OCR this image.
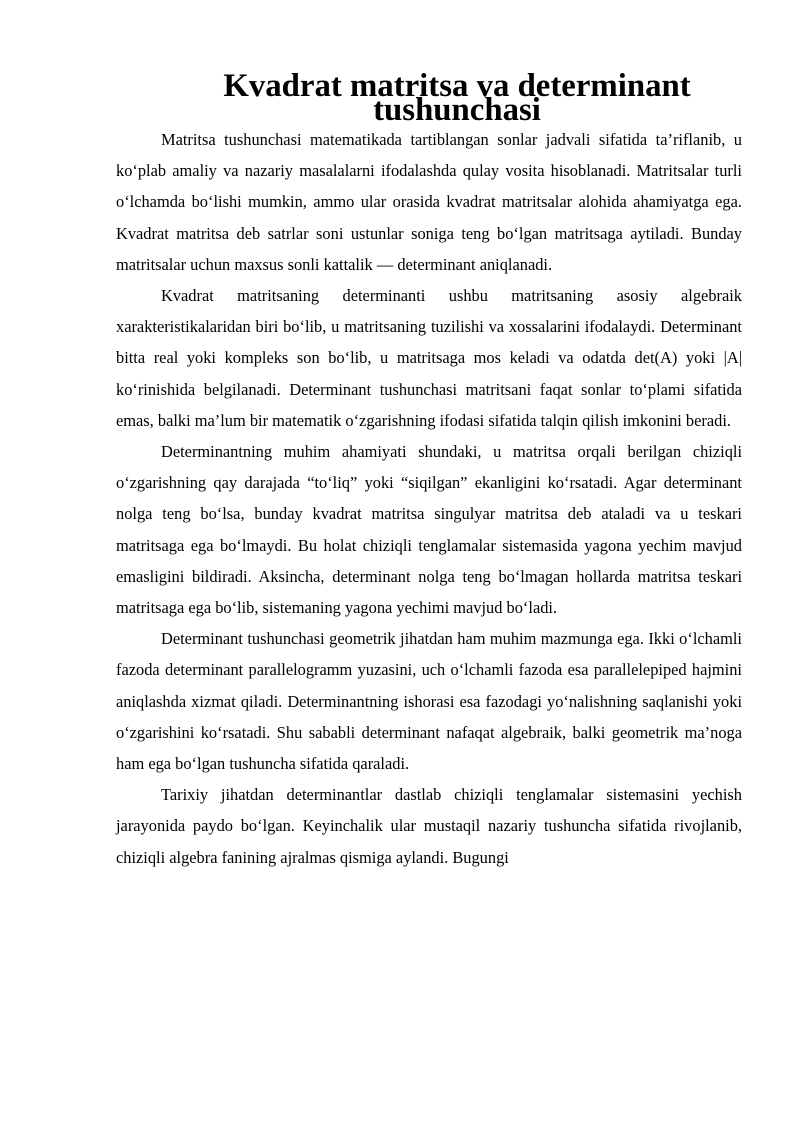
Kvadrat matritsa va determinant tushunchasi

Matritsa tushunchasi matematikada tartiblangan sonlar jadvali sifatida ta’riflanib, u ko‘plab amaliy va nazariy masalalarni ifodalashda qulay vosita hisoblanadi. Matritsalar turli o‘lchamda bo‘lishi mumkin, ammo ular orasida kvadrat matritsalar alohida ahamiyatga ega. Kvadrat matritsa deb satrlar soni ustunlar soniga teng bo‘lgan matritsaga aytiladi. Bunday matritsalar uchun maxsus sonli kattalik — determinant aniqlanadi.

Kvadrat matritsaning determinanti ushbu matritsaning asosiy algebraik xarakteristikalaridan biri bo‘lib, u matritsaning tuzilishi va xossalarini ifodalaydi. Determinant bitta real yoki kompleks son bo‘lib, u matritsaga mos keladi va odatda det(A) yoki |A| ko‘rinishida belgilanadi. Determinant tushunchasi matritsani faqat sonlar to‘plami sifatida emas, balki ma’lum bir matematik o‘zgarishning ifodasi sifatida talqin qilish imkonini beradi.

Determinantning muhim ahamiyati shundaki, u matritsa orqali berilgan chiziqli o‘zgarishning qay darajada “to‘liq” yoki “siqilgan” ekanligini ko‘rsatadi. Agar determinant nolga teng bo‘lsa, bunday kvadrat matritsa singulyar matritsa deb ataladi va u teskari matritsaga ega bo‘lmaydi. Bu holat chiziqli tenglamalar sistemasida yagona yechim mavjud emasligini bildiradi. Aksincha, determinant nolga teng bo‘lmagan hollarda matritsa teskari matritsaga ega bo‘lib, sistemaning yagona yechimi mavjud bo‘ladi.

Determinant tushunchasi geometrik jihatdan ham muhim mazmunga ega. Ikki o‘lchamli fazoda determinant parallelogramm yuzasini, uch o‘lchamli fazoda esa parallelepiped hajmini aniqlashda xizmat qiladi. Determinantning ishorasi esa fazodagi yo‘nalishning saqlanishi yoki o‘zgarishini ko‘rsatadi. Shu sababli determinant nafaqat algebraik, balki geometrik ma’noga ham ega bo‘lgan tushuncha sifatida qaraladi.

Tarixiy jihatdan determinantlar dastlab chiziqli tenglamalar sistemasini yechish jarayonida paydo bo‘lgan. Keyinchalik ular mustaqil nazariy tushuncha sifatida rivojlanib, chiziqli algebra fanining ajralmas qismiga aylandi. Bugungi
